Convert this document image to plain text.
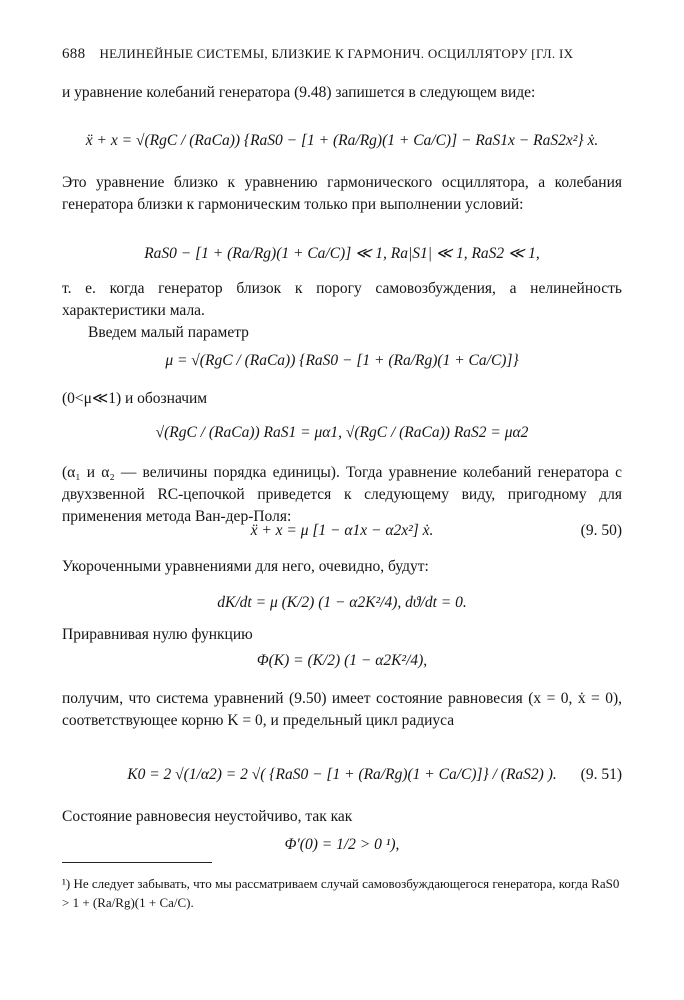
688 НЕЛИНЕЙНЫЕ СИСТЕМЫ, БЛИЗКИЕ К ГАРМОНИЧ. ОСЦИЛЛЯТОРУ [ГЛ. IX
и уравнение колебаний генератора (9.48) запишется в следующем виде:
ẍ + x = √(RgC / (RaCa)) {RaS0 − [1 + (Ra/Rg)(1 + Ca/C)] − RaS1x − RaS2x²} ẋ.
Это уравнение близко к уравнению гармонического осциллятора, а колебания генератора близки к гармоническим только при выполнении условий:
RaS0 − [1 + (Ra/Rg)(1 + Ca/C)] ≪ 1, Ra|S1| ≪ 1, RaS2 ≪ 1,
т. е. когда генератор близок к порогу самовозбуждения, а нелинейность характеристики мала.
Введем малый параметр
μ = √(RgC / (RaCa)) {RaS0 − [1 + (Ra/Rg)(1 + Ca/C)]}
(0<μ≪1) и обозначим
√(RgC / (RaCa)) RaS1 = μα1, √(RgC / (RaCa)) RaS2 = μα2
(α₁ и α₂ — величины порядка единицы). Тогда уравнение колебаний генератора с двухзвенной RC-цепочкой приведется к следующему виду, пригодному для применения метода Ван-дер-Поля:
ẍ + x = μ [1 − α1x − α2x²] ẋ.	(9. 50)
Укороченными уравнениями для него, очевидно, будут:
dK/dt = μ (K/2) (1 − α2K²/4), dϑ/dt = 0.
Приравнивая нулю функцию
Φ(K) = (K/2) (1 − α2K²/4),
получим, что система уравнений (9.50) имеет состояние равновесия (x = 0, ẋ = 0), соответствующее корню K = 0, и предельный цикл радиуса
K0 = 2 √(1/α2) = 2 √( {RaS0 − [1 + (Ra/Rg)(1 + Ca/C)]} / (RaS2) ). (9. 51)
Состояние равновесия неустойчиво, так как
Φ′(0) = 1/2 > 0 ¹),
¹) Не следует забывать, что мы рассматриваем случай самовозбуждающегося генератора, когда RaS0 > 1 + (Ra/Rg)(1 + Ca/C).
